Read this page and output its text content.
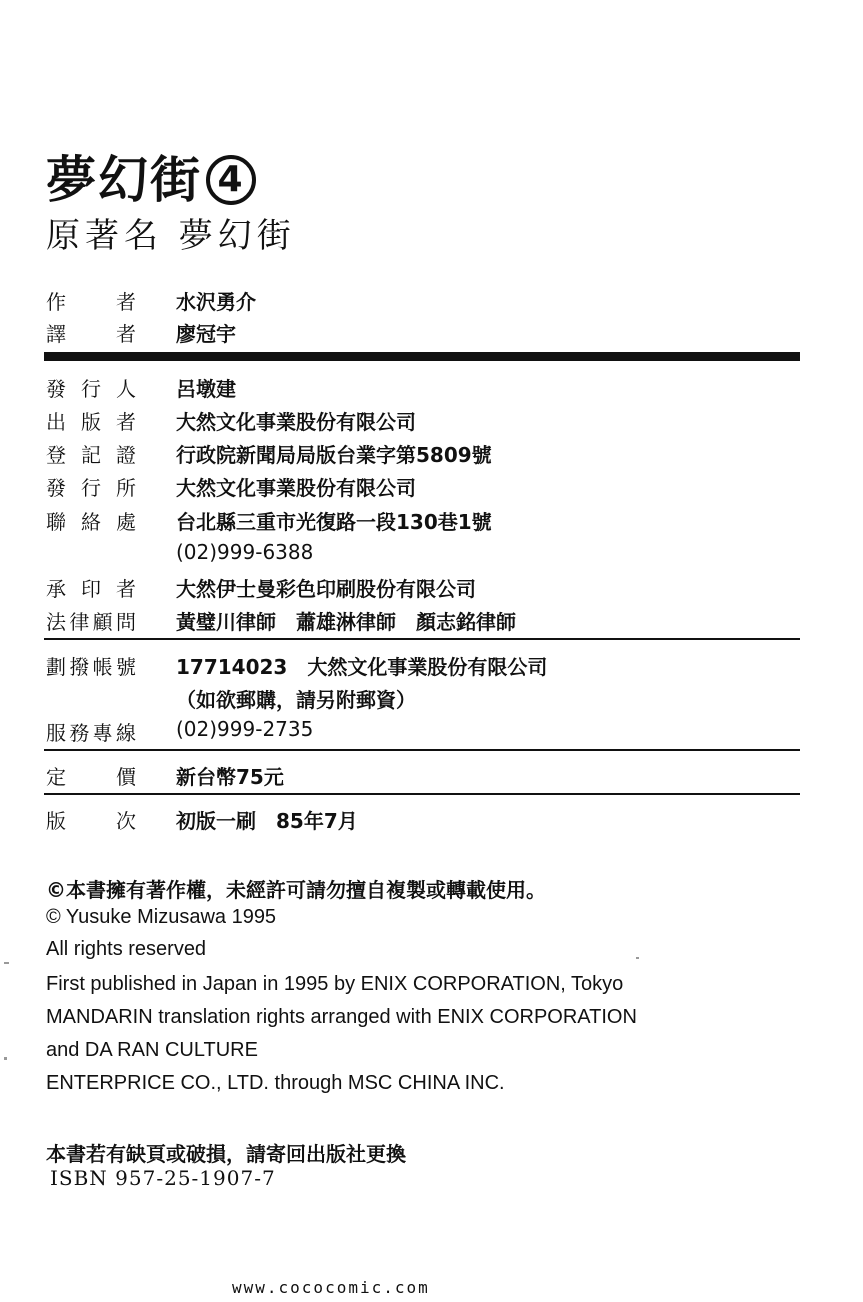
夢幻街 4
原著名 夢幻街
作	者 水沢勇介
譯	者 廖冠宇
發 行 人 呂墩建
出 版 者 大然文化事業股份有限公司
登 記 證 行政院新聞局局版台業字第5809號
發 行 所 大然文化事業股份有限公司
聯 絡 處 台北縣三重市光復路一段130巷1號
(02)999-6388
承 印 者 大然伊士曼彩色印刷股份有限公司
法 律 顧 問 黃璧川律師　蕭雄淋律師　顏志銘律師
劃 撥 帳 號 17714023　大然文化事業股份有限公司
（如欲郵購，請另附郵資）
服 務 專 線 (02)999-2735
定	價 新台幣75元
版	次 初版一刷　85年7月
©本書擁有著作權，未經許可請勿擅自複製或轉載使用。
© Yusuke Mizusawa 1995
All rights reserved
First published in Japan in 1995 by ENIX CORPORATION, Tokyo
MANDARIN translation rights arranged with ENIX CORPORATION
and DA RAN CULTURE
ENTERPRICE CO., LTD. through MSC CHINA INC.
本書若有缺頁或破損，請寄回出版社更換
ISBN 957-25-1907-7
www.cococomic.com
